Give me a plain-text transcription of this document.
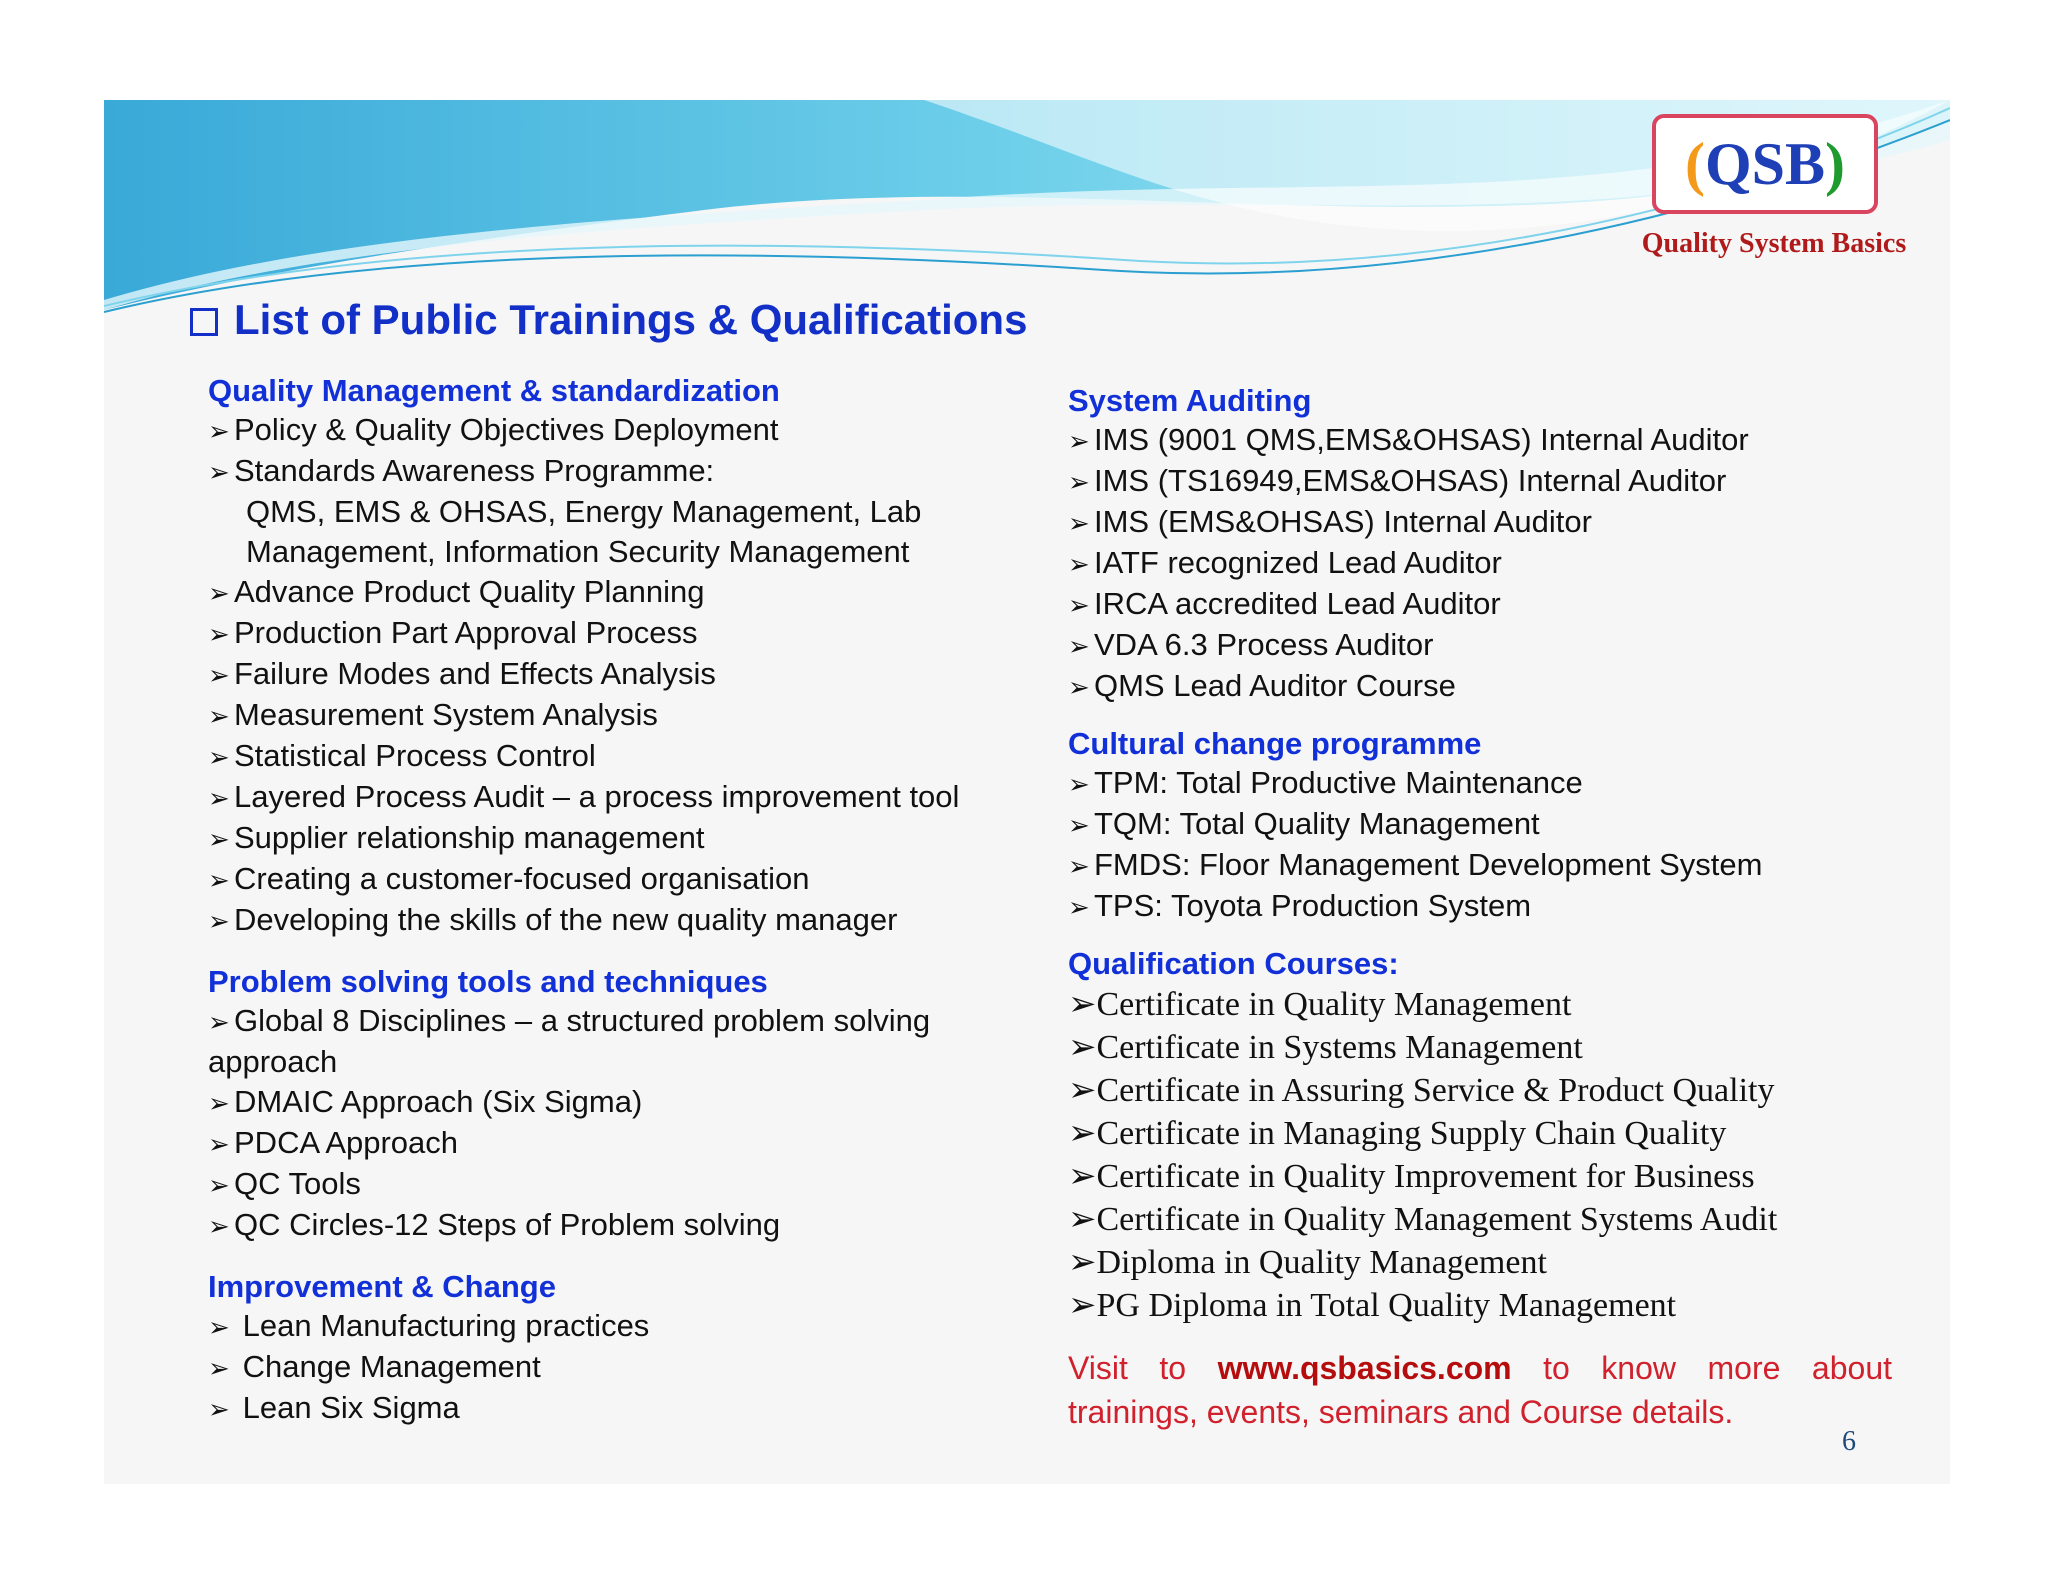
(QSB)
Quality System Basics
List of Public Trainings & Qualifications
Quality Management & standardization
➢ Policy & Quality Objectives Deployment
➢ Standards Awareness Programme:
QMS, EMS & OHSAS, Energy Management, Lab
Management, Information Security Management
➢ Advance Product Quality Planning
➢ Production Part Approval Process
➢ Failure Modes and Effects Analysis
➢ Measurement System Analysis
➢ Statistical Process Control
➢ Layered Process Audit – a process improvement tool
➢ Supplier relationship management
➢ Creating a customer-focused organisation
➢ Developing the skills of the new quality manager
Problem solving tools and techniques
➢ Global 8 Disciplines – a structured problem solving
approach
➢ DMAIC Approach (Six Sigma)
➢ PDCA Approach
➢ QC Tools
➢ QC Circles-12 Steps of Problem solving
Improvement & Change
➢ Lean Manufacturing practices
➢ Change Management
➢ Lean Six Sigma
System Auditing
➢ IMS (9001 QMS,EMS&OHSAS) Internal Auditor
➢ IMS (TS16949,EMS&OHSAS) Internal Auditor
➢ IMS (EMS&OHSAS) Internal Auditor
➢ IATF recognized Lead Auditor
➢ IRCA accredited Lead Auditor
➢ VDA 6.3 Process Auditor
➢ QMS Lead Auditor Course
Cultural change programme
➢ TPM: Total Productive Maintenance
➢ TQM: Total Quality Management
➢ FMDS: Floor Management Development System
➢ TPS: Toyota Production System
Qualification Courses:
➢Certificate in Quality Management
➢Certificate in Systems Management
➢Certificate in Assuring Service & Product Quality
➢Certificate in Managing Supply Chain Quality
➢Certificate in Quality Improvement for Business
➢Certificate in Quality Management Systems Audit
➢Diploma in Quality Management
➢PG Diploma in Total Quality Management
Visit to www.qsbasics.com to know more about trainings, events, seminars and Course details.
6
